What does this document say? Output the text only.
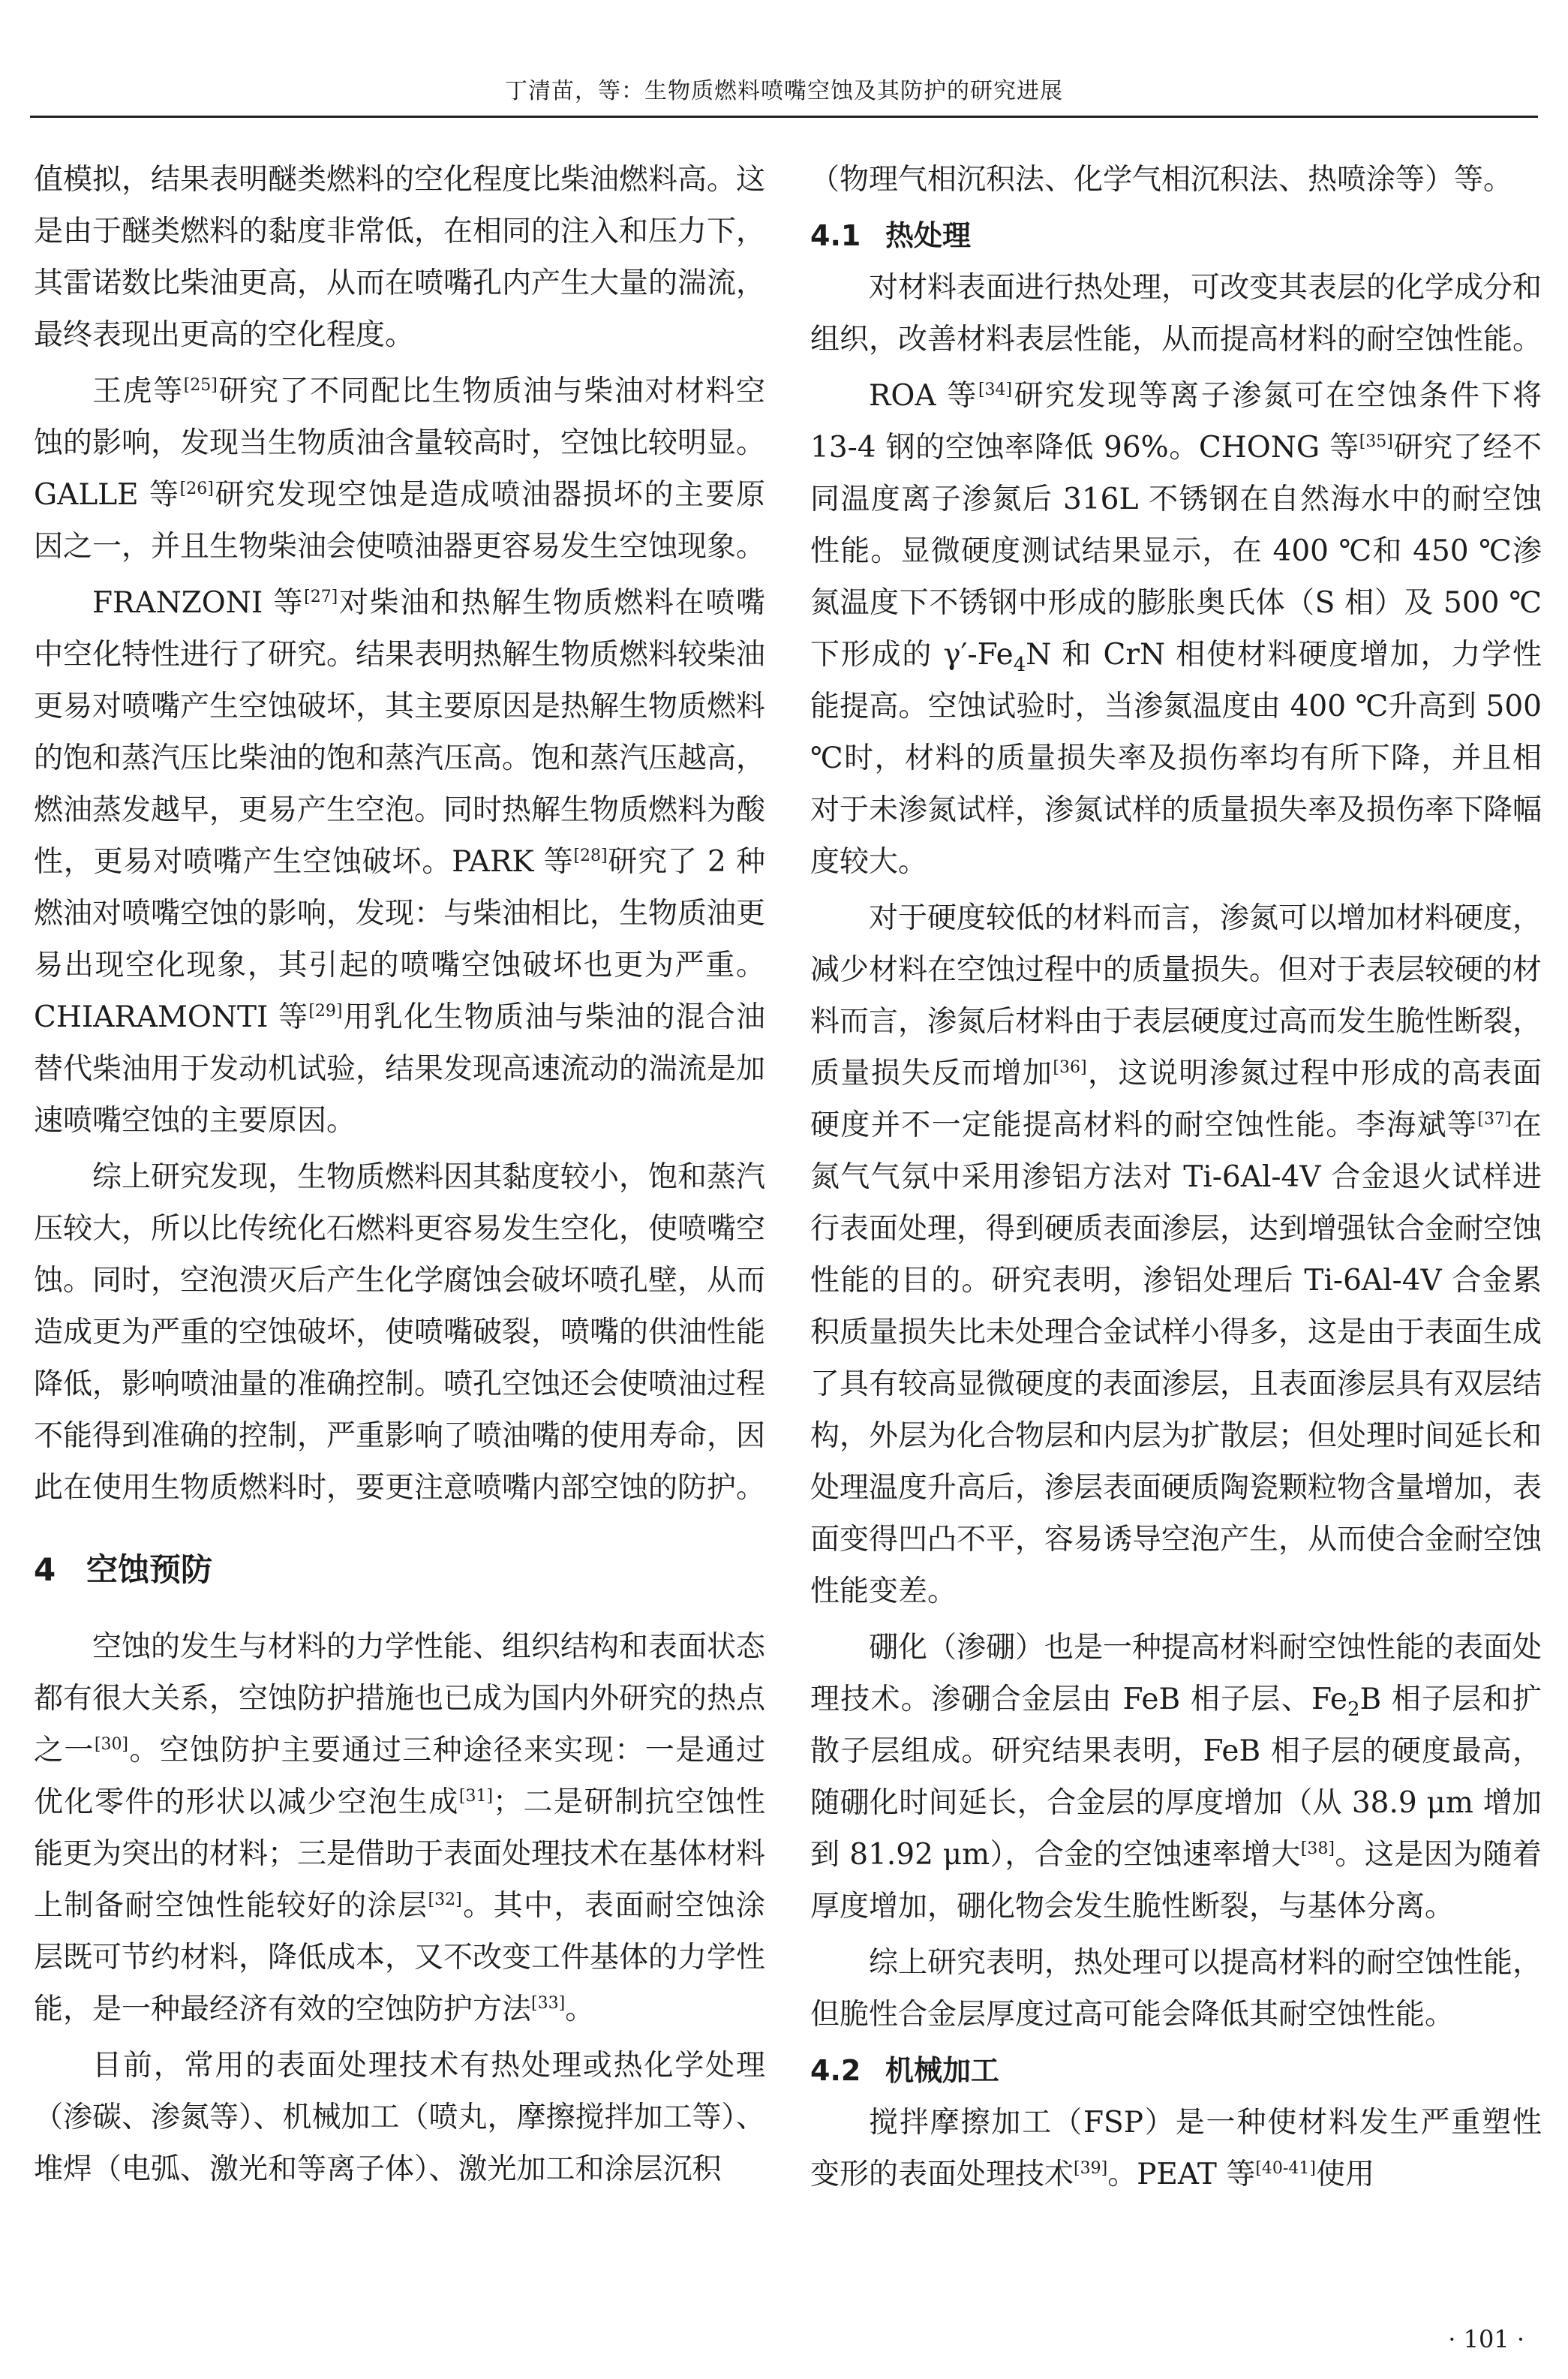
丁清苗，等：生物质燃料喷嘴空蚀及其防护的研究进展

值模拟，结果表明醚类燃料的空化程度比柴油燃料高。这是由于醚类燃料的黏度非常低，在相同的注入和压力下，其雷诺数比柴油更高，从而在喷嘴孔内产生大量的湍流，最终表现出更高的空化程度。

王虎等[25]研究了不同配比生物质油与柴油对材料空蚀的影响，发现当生物质油含量较高时，空蚀比较明显。GALLE 等[26]研究发现空蚀是造成喷油器损坏的主要原因之一，并且生物柴油会使喷油器更容易发生空蚀现象。

FRANZONI 等[27]对柴油和热解生物质燃料在喷嘴中空化特性进行了研究。结果表明热解生物质燃料较柴油更易对喷嘴产生空蚀破坏，其主要原因是热解生物质燃料的饱和蒸汽压比柴油的饱和蒸汽压高。饱和蒸汽压越高，燃油蒸发越早，更易产生空泡。同时热解生物质燃料为酸性，更易对喷嘴产生空蚀破坏。PARK 等[28]研究了 2 种燃油对喷嘴空蚀的影响，发现：与柴油相比，生物质油更易出现空化现象，其引起的喷嘴空蚀破坏也更为严重。CHIARAMONTI 等[29]用乳化生物质油与柴油的混合油替代柴油用于发动机试验，结果发现高速流动的湍流是加速喷嘴空蚀的主要原因。

综上研究发现，生物质燃料因其黏度较小，饱和蒸汽压较大，所以比传统化石燃料更容易发生空化，使喷嘴空蚀。同时，空泡溃灭后产生化学腐蚀会破坏喷孔壁，从而造成更为严重的空蚀破坏，使喷嘴破裂，喷嘴的供油性能降低，影响喷油量的准确控制。喷孔空蚀还会使喷油过程不能得到准确的控制，严重影响了喷油嘴的使用寿命，因此在使用生物质燃料时，要更注意喷嘴内部空蚀的防护。

4 空蚀预防

空蚀的发生与材料的力学性能、组织结构和表面状态都有很大关系，空蚀防护措施也已成为国内外研究的热点之一[30]。空蚀防护主要通过三种途径来实现：一是通过优化零件的形状以减少空泡生成[31]；二是研制抗空蚀性能更为突出的材料；三是借助于表面处理技术在基体材料上制备耐空蚀性能较好的涂层[32]。其中，表面耐空蚀涂层既可节约材料，降低成本，又不改变工件基体的力学性能，是一种最经济有效的空蚀防护方法[33]。

目前，常用的表面处理技术有热处理或热化学处理（渗碳、渗氮等）、机械加工（喷丸，摩擦搅拌加工等）、堆焊（电弧、激光和等离子体）、激光加工和涂层沉积

（物理气相沉积法、化学气相沉积法、热喷涂等）等。

4.1 热处理

对材料表面进行热处理，可改变其表层的化学成分和组织，改善材料表层性能，从而提高材料的耐空蚀性能。

ROA 等[34]研究发现等离子渗氮可在空蚀条件下将 13-4 钢的空蚀率降低 96%。CHONG 等[35]研究了经不同温度离子渗氮后 316L 不锈钢在自然海水中的耐空蚀性能。显微硬度测试结果显示，在 400 ℃和 450 ℃渗氮温度下不锈钢中形成的膨胀奥氏体（S 相）及 500 ℃下形成的 $\gamma'-Fe_4N$ 和 CrN 相使材料硬度增加，力学性能提高。空蚀试验时，当渗氮温度由 400 ℃升高到 500 ℃时，材料的质量损失率及损伤率均有所下降，并且相对于未渗氮试样，渗氮试样的质量损失率及损伤率下降幅度较大。

对于硬度较低的材料而言，渗氮可以增加材料硬度，减少材料在空蚀过程中的质量损失。但对于表层较硬的材料而言，渗氮后材料由于表层硬度过高而发生脆性断裂，质量损失反而增加[36]，这说明渗氮过程中形成的高表面硬度并不一定能提高材料的耐空蚀性能。李海斌等[37]在氮气气氛中采用渗铝方法对 Ti-6Al-4V 合金退火试样进行表面处理，得到硬质表面渗层，达到增强钛合金耐空蚀性能的目的。研究表明，渗铝处理后 Ti-6Al-4V 合金累积质量损失比未处理合金试样小得多，这是由于表面生成了具有较高显微硬度的表面渗层，且表面渗层具有双层结构，外层为化合物层和内层为扩散层；但处理时间延长和处理温度升高后，渗层表面硬质陶瓷颗粒物含量增加，表面变得凹凸不平，容易诱导空泡产生，从而使合金耐空蚀性能变差。

硼化（渗硼）也是一种提高材料耐空蚀性能的表面处理技术。渗硼合金层由 FeB 相子层、$Fe_2B$ 相子层和扩散子层组成。研究结果表明，FeB 相子层的硬度最高，随硼化时间延长，合金层的厚度增加（从 38.9 μm 增加到 81.92 μm），合金的空蚀速率增大[38]。这是因为随着厚度增加，硼化物会发生脆性断裂，与基体分离。

综上研究表明，热处理可以提高材料的耐空蚀性能，但脆性合金层厚度过高可能会降低其耐空蚀性能。

4.2 机械加工

搅拌摩擦加工（FSP）是一种使材料发生严重塑性变形的表面处理技术[39]。PEAT 等[40-41]使用

· 101 ·
